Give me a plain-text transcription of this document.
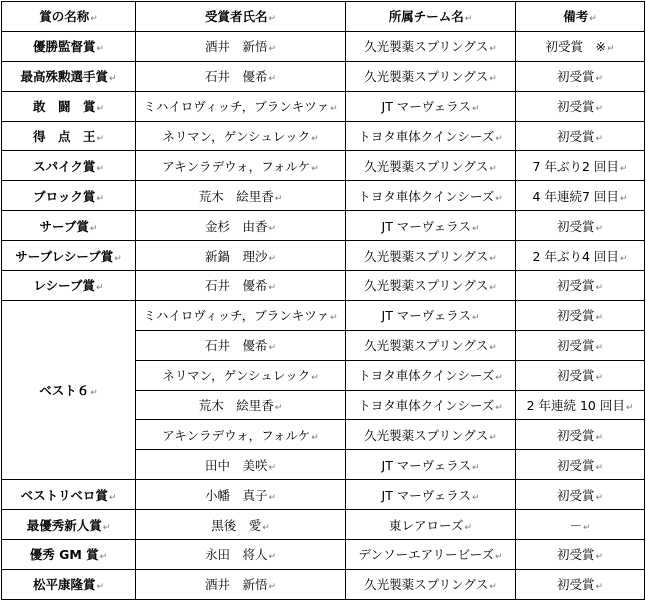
賞の名称↵	受賞者氏名↵	所属チーム名↵	備考↵
優勝監督賞↵	酒井　新悟↵	久光製薬スプリングス↵	初受賞　※↵
最高殊勲選手賞↵	石井　優希↵	久光製薬スプリングス↵	初受賞↵
敢　闘　賞↵	ミハイロヴィッチ，ブランキツァ↵	JT マーヴェラス↵	初受賞↵
得　点　王↵	ネリマン，ゲンシュレック↵	トヨタ車体クインシーズ↵	初受賞↵
スパイク賞↵	アキンラデウォ，フォルケ↵	久光製薬スプリングス↵	7 年ぶり2 回目↵
ブロック賞↵	荒木　絵里香↵	トヨタ車体クインシーズ↵	4 年連続7 回目↵
サーブ賞↵	金杉　由香↵	JT マーヴェラス↵	初受賞↵
サーブレシーブ賞↵	新鍋　理沙↵	久光製薬スプリングス↵	2 年ぶり4 回目↵
レシーブ賞↵	石井　優希↵	久光製薬スプリングス↵	初受賞↵
ベスト６↵	ミハイロヴィッチ，ブランキツァ↵	JT マーヴェラス↵	初受賞↵
	石井　優希↵	久光製薬スプリングス↵	初受賞↵
	ネリマン，ゲンシュレック↵	トヨタ車体クインシーズ↵	初受賞↵
	荒木　絵里香↵	トヨタ車体クインシーズ↵	2 年連続 10 回目↵
	アキンラデウォ，フォルケ↵	久光製薬スプリングス↵	初受賞↵
	田中　美咲↵	JT マーヴェラス↵	初受賞↵
ベストリベロ賞↵	小幡　真子↵	JT マーヴェラス↵	初受賞↵
最優秀新人賞↵	黒後　愛↵	東レアローズ↵	－↵
優秀 GM 賞↵	永田　将人↵	デンソーエアリービーズ↵	初受賞↵
松平康隆賞↵	酒井　新悟↵	久光製薬スプリングス↵	初受賞↵
